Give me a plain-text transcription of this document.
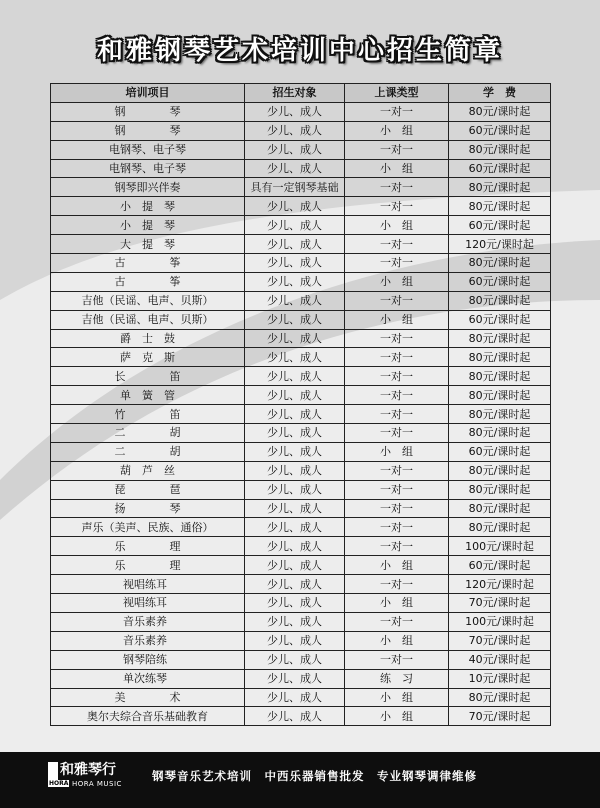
和雅钢琴艺术培训中心招生简章
培训项目	招生对象	上课类型	学　费
钢　　　　琴	少儿、成人	一对一	80元/课时起
钢　　　　琴	少儿、成人	小　组	60元/课时起
电钢琴、电子琴	少儿、成人	一对一	80元/课时起
电钢琴、电子琴	少儿、成人	小　组	60元/课时起
钢琴即兴伴奏	具有一定钢琴基础	一对一	80元/课时起
小　提　琴	少儿、成人	一对一	80元/课时起
小　提　琴	少儿、成人	小　组	60元/课时起
大　提　琴	少儿、成人	一对一	120元/课时起
古　　　　筝	少儿、成人	一对一	80元/课时起
古　　　　筝	少儿、成人	小　组	60元/课时起
吉他（民谣、电声、贝斯）	少儿、成人	一对一	80元/课时起
吉他（民谣、电声、贝斯）	少儿、成人	小　组	60元/课时起
爵　士　鼓	少儿、成人	一对一	80元/课时起
萨　克　斯	少儿、成人	一对一	80元/课时起
长　　　　笛	少儿、成人	一对一	80元/课时起
单　簧　管	少儿、成人	一对一	80元/课时起
竹　　　　笛	少儿、成人	一对一	80元/课时起
二　　　　胡	少儿、成人	一对一	80元/课时起
二　　　　胡	少儿、成人	小　组	60元/课时起
葫　芦　丝	少儿、成人	一对一	80元/课时起
琵　　　　琶	少儿、成人	一对一	80元/课时起
扬　　　　琴	少儿、成人	一对一	80元/课时起
声乐（美声、民族、通俗）	少儿、成人	一对一	80元/课时起
乐　　　　理	少儿、成人	一对一	100元/课时起
乐　　　　理	少儿、成人	小　组	60元/课时起
视唱练耳	少儿、成人	一对一	120元/课时起
视唱练耳	少儿、成人	小　组	70元/课时起
音乐素养	少儿、成人	一对一	100元/课时起
音乐素养	少儿、成人	小　组	70元/课时起
钢琴陪练	少儿、成人	一对一	40元/课时起
单次练琴	少儿、成人	练　习	10元/课时起
美　　　　术	少儿、成人	小　组	80元/课时起
奥尔夫综合音乐基础教育	少儿、成人	小　组	70元/课时起
和雅琴行
HORA HORA MUSIC
钢琴音乐艺术培训　中西乐器销售批发　专业钢琴调律维修
